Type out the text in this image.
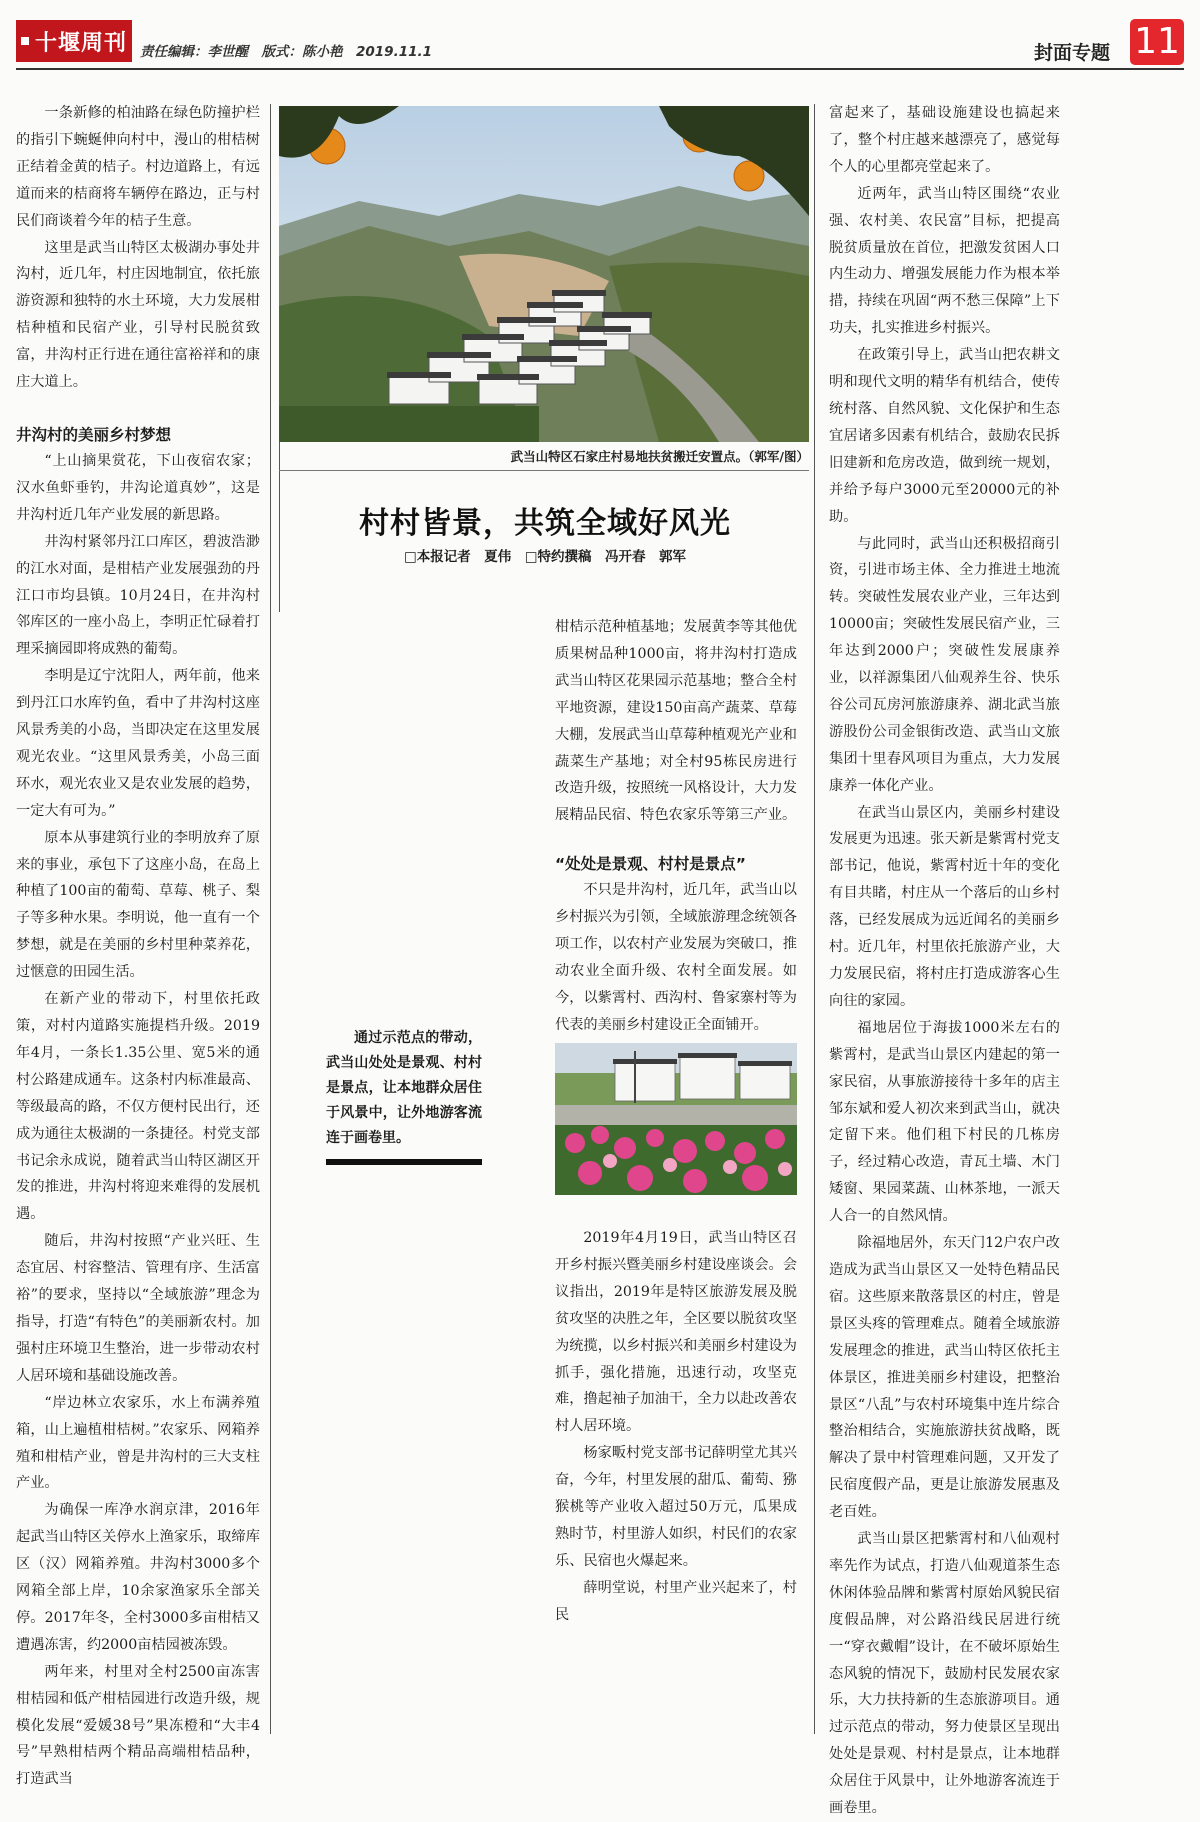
十堰周刊 责任编辑：李世醒　版式：陈小艳　2019.11.1	封面专题 11

一条新修的柏油路在绿色防撞护栏的指引下蜿蜒伸向村中，漫山的柑桔树正结着金黄的桔子。村边道路上，有远道而来的桔商将车辆停在路边，正与村民们商谈着今年的桔子生意。

这里是武当山特区太极湖办事处井沟村，近几年，村庄因地制宜，依托旅游资源和独特的水土环境，大力发展柑桔种植和民宿产业，引导村民脱贫致富，井沟村正行进在通往富裕祥和的康庄大道上。

井沟村的美丽乡村梦想

“上山摘果赏花，下山夜宿农家；汉水鱼虾垂钓，井沟论道真妙”，这是井沟村近几年产业发展的新思路。

井沟村紧邻丹江口库区，碧波浩渺的江水对面，是柑桔产业发展强劲的丹江口市均县镇。10月24日，在井沟村邻库区的一座小岛上，李明正忙碌着打理采摘园即将成熟的葡萄。

李明是辽宁沈阳人，两年前，他来到丹江口水库钓鱼，看中了井沟村这座风景秀美的小岛，当即决定在这里发展观光农业。“这里风景秀美，小岛三面环水，观光农业又是农业发展的趋势，一定大有可为。”

原本从事建筑行业的李明放弃了原来的事业，承包下了这座小岛，在岛上种植了100亩的葡萄、草莓、桃子、梨子等多种水果。李明说，他一直有一个梦想，就是在美丽的乡村里种菜养花，过惬意的田园生活。

在新产业的带动下，村里依托政策，对村内道路实施提档升级。2019年4月，一条长1.35公里、宽5米的通村公路建成通车。这条村内标准最高、等级最高的路，不仅方便村民出行，还成为通往太极湖的一条捷径。村党支部书记余永成说，随着武当山特区湖区开发的推进，井沟村将迎来难得的发展机遇。

随后，井沟村按照“产业兴旺、生态宜居、村容整洁、管理有序、生活富裕”的要求，坚持以“全域旅游”理念为指导，打造“有特色”的美丽新农村。加强村庄环境卫生整治，进一步带动农村人居环境和基础设施改善。

“岸边林立农家乐，水上布满养殖箱，山上遍植柑桔树。”农家乐、网箱养殖和柑桔产业，曾是井沟村的三大支柱产业。

为确保一库净水润京津，2016年起武当山特区关停水上渔家乐，取缔库区（汉）网箱养殖。井沟村3000多个网箱全部上岸，10余家渔家乐全部关停。2017年冬，全村3000多亩柑桔又遭遇冻害，约2000亩桔园被冻毁。

两年来，村里对全村2500亩冻害柑桔园和低产柑桔园进行改造升级，规模化发展“爱媛38号”果冻橙和“大丰4号”早熟柑桔两个精品高端柑桔品种，打造武当

武当山特区石家庄村易地扶贫搬迁安置点。（郭军/图）
村村皆景，共筑全域好风光
□本报记者　夏伟　□特约撰稿　冯开春　郭军

柑桔示范种植基地；发展黄李等其他优质果树品种1000亩，将井沟村打造成武当山特区花果园示范基地；整合全村平地资源，建设150亩高产蔬菜、草莓大棚，发展武当山草莓种植观光产业和蔬菜生产基地；对全村95栋民房进行改造升级，按照统一风格设计，大力发展精品民宿、特色农家乐等第三产业。

“处处是景观、村村是景点”

不只是井沟村，近几年，武当山以乡村振兴为引领，全域旅游理念统领各项工作，以农村产业发展为突破口，推动农业全面升级、农村全面发展。如今，以紫霄村、西沟村、鲁家寨村等为代表的美丽乡村建设正全面铺开。

通过示范点的带动，武当山处处是景观、村村是景点，让本地群众居住于风景中，让外地游客流连于画卷里。

2019年4月19日，武当山特区召开乡村振兴暨美丽乡村建设座谈会。会议指出，2019年是特区旅游发展及脱贫攻坚的决胜之年，全区要以脱贫攻坚为统揽，以乡村振兴和美丽乡村建设为抓手，强化措施，迅速行动，攻坚克难，撸起袖子加油干，全力以赴改善农村人居环境。

杨家畈村党支部书记薛明堂尤其兴奋，今年，村里发展的甜瓜、葡萄、猕猴桃等产业收入超过50万元，瓜果成熟时节，村里游人如织，村民们的农家乐、民宿也火爆起来。

薛明堂说，村里产业兴起来了，村民

富起来了，基础设施建设也搞起来了，整个村庄越来越漂亮了，感觉每个人的心里都亮堂起来了。

近两年，武当山特区围绕“农业强、农村美、农民富”目标，把提高脱贫质量放在首位，把激发贫困人口内生动力、增强发展能力作为根本举措，持续在巩固“两不愁三保障”上下功夫，扎实推进乡村振兴。

在政策引导上，武当山把农耕文明和现代文明的精华有机结合，使传统村落、自然风貌、文化保护和生态宜居诸多因素有机结合，鼓励农民拆旧建新和危房改造，做到统一规划，并给予每户3000元至20000元的补助。

与此同时，武当山还积极招商引资，引进市场主体、全力推进土地流转。突破性发展农业产业，三年达到10000亩；突破性发展民宿产业，三年达到2000户；突破性发展康养业，以祥源集团八仙观养生谷、快乐谷公司瓦房河旅游康养、湖北武当旅游股份公司金银街改造、武当山文旅集团十里春风项目为重点，大力发展康养一体化产业。

在武当山景区内，美丽乡村建设发展更为迅速。张天新是紫霄村党支部书记，他说，紫霄村近十年的变化有目共睹，村庄从一个落后的山乡村落，已经发展成为远近闻名的美丽乡村。近几年，村里依托旅游产业，大力发展民宿，将村庄打造成游客心生向往的家园。

福地居位于海拔1000米左右的紫霄村，是武当山景区内建起的第一家民宿，从事旅游接待十多年的店主邹东斌和爱人初次来到武当山，就决定留下来。他们租下村民的几栋房子，经过精心改造，青瓦土墙、木门矮窗、果园菜蔬、山林茶地，一派天人合一的自然风情。

除福地居外，东天门12户农户改造成为武当山景区又一处特色精品民宿。这些原来散落景区的村庄，曾是景区头疼的管理难点。随着全域旅游发展理念的推进，武当山特区依托主体景区，推进美丽乡村建设，把整治景区“八乱”与农村环境集中连片综合整治相结合，实施旅游扶贫战略，既解决了景中村管理难问题，又开发了民宿度假产品，更是让旅游发展惠及老百姓。

武当山景区把紫霄村和八仙观村率先作为试点，打造八仙观道茶生态休闲体验品牌和紫霄村原始风貌民宿度假品牌，对公路沿线民居进行统一“穿衣戴帽”设计，在不破坏原始生态风貌的情况下，鼓励村民发展农家乐，大力扶持新的生态旅游项目。通过示范点的带动，努力使景区呈现出处处是景观、村村是景点，让本地群众居住于风景中，让外地游客流连于画卷里。
